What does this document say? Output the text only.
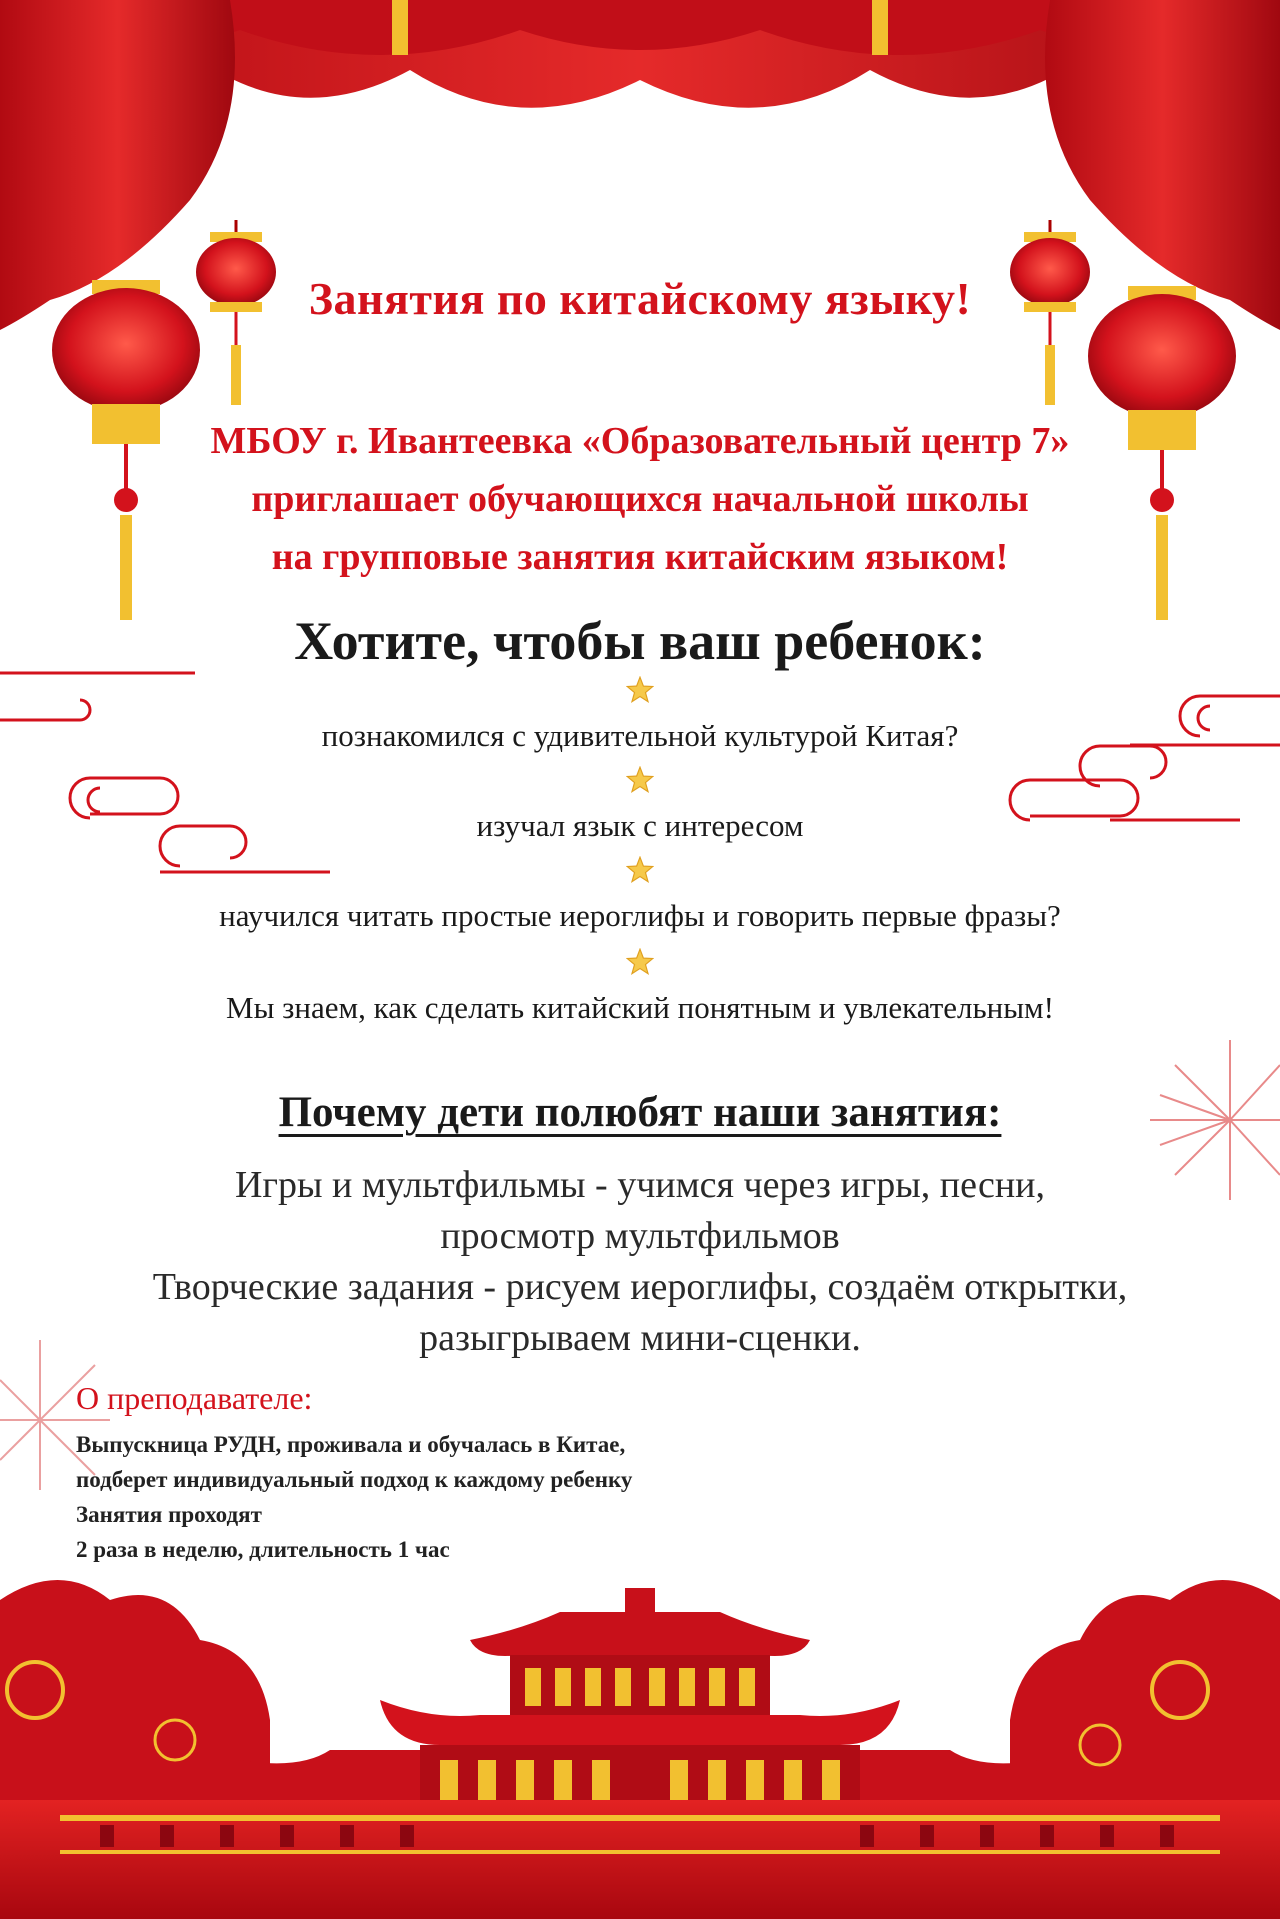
Занятия по китайскому языку!
МБОУ г. Ивантеевка «Образовательный центр 7»
приглашает обучающихся начальной школы
на групповые занятия китайским языком!
Хотите, чтобы ваш ребенок:
познакомился с удивительной культурой Китая?
изучал язык с интересом
научился читать простые иероглифы и говорить первые фразы?
Мы знаем, как сделать китайский понятным и увлекательным!
Почему дети полюбят наши занятия:
Игры и мультфильмы - учимся через игры, песни,
просмотр мультфильмов
Творческие задания - рисуем иероглифы, создаём открытки,
разыгрываем мини-сценки.
О преподавателе:
Выпускница РУДН, проживала и обучалась в Китае,
подберет индивидуальный подход к каждому ребенку
Занятия проходят
2 раза в неделю, длительность 1 час
